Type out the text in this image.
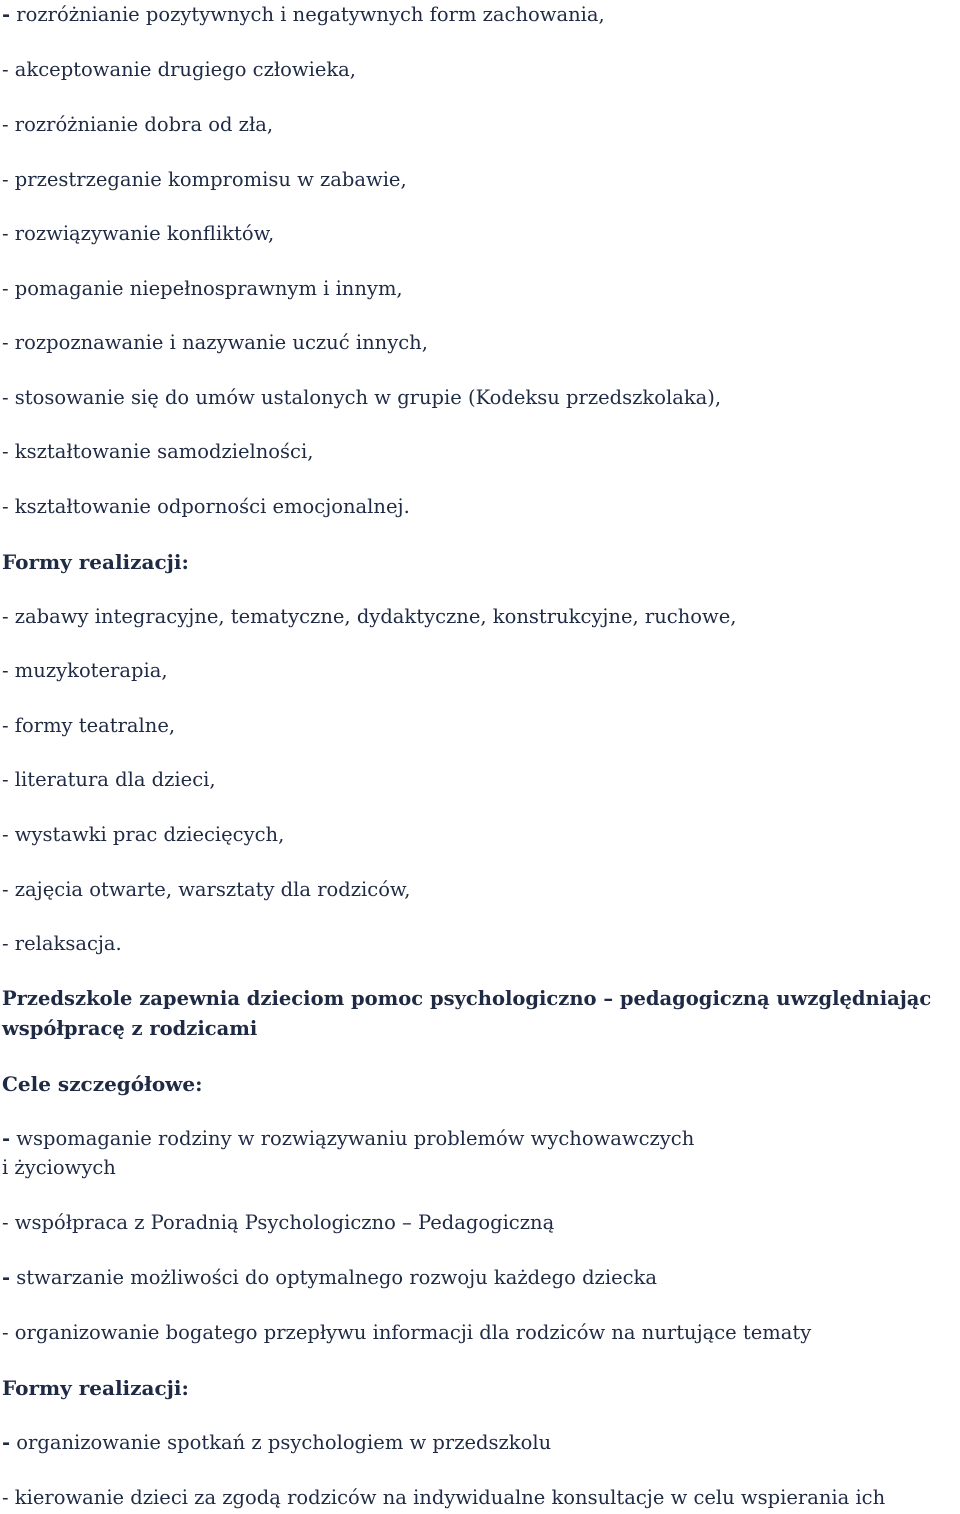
- rozróżnianie pozytywnych i negatywnych form zachowania,
- akceptowanie drugiego człowieka,
- rozróżnianie dobra od zła,
- przestrzeganie kompromisu w zabawie,
- rozwiązywanie konfliktów,
- pomaganie niepełnosprawnym i innym,
- rozpoznawanie i nazywanie uczuć innych,
- stosowanie się do umów ustalonych w grupie (Kodeksu przedszkolaka),
- kształtowanie samodzielności,
- kształtowanie odporności emocjonalnej.
Formy realizacji:
- zabawy integracyjne, tematyczne, dydaktyczne, konstrukcyjne, ruchowe,
- muzykoterapia,
- formy teatralne,
- literatura dla dzieci,
- wystawki prac dziecięcych,
- zajęcia otwarte, warsztaty dla rodziców,
- relaksacja.
Przedszkole zapewnia dzieciom pomoc psychologiczno – pedagogiczną uwzględniając
współpracę z rodzicami
Cele szczegółowe:
- wspomaganie rodziny w rozwiązywaniu problemów wychowawczych
i życiowych
- współpraca z Poradnią Psychologiczno – Pedagogiczną
- stwarzanie możliwości do optymalnego rozwoju każdego dziecka
- organizowanie bogatego przepływu informacji dla rodziców na nurtujące tematy
Formy realizacji:
- organizowanie spotkań z psychologiem w przedszkolu
- kierowanie dzieci za zgodą rodziców na indywidualne konsultacje w celu wspierania ich
